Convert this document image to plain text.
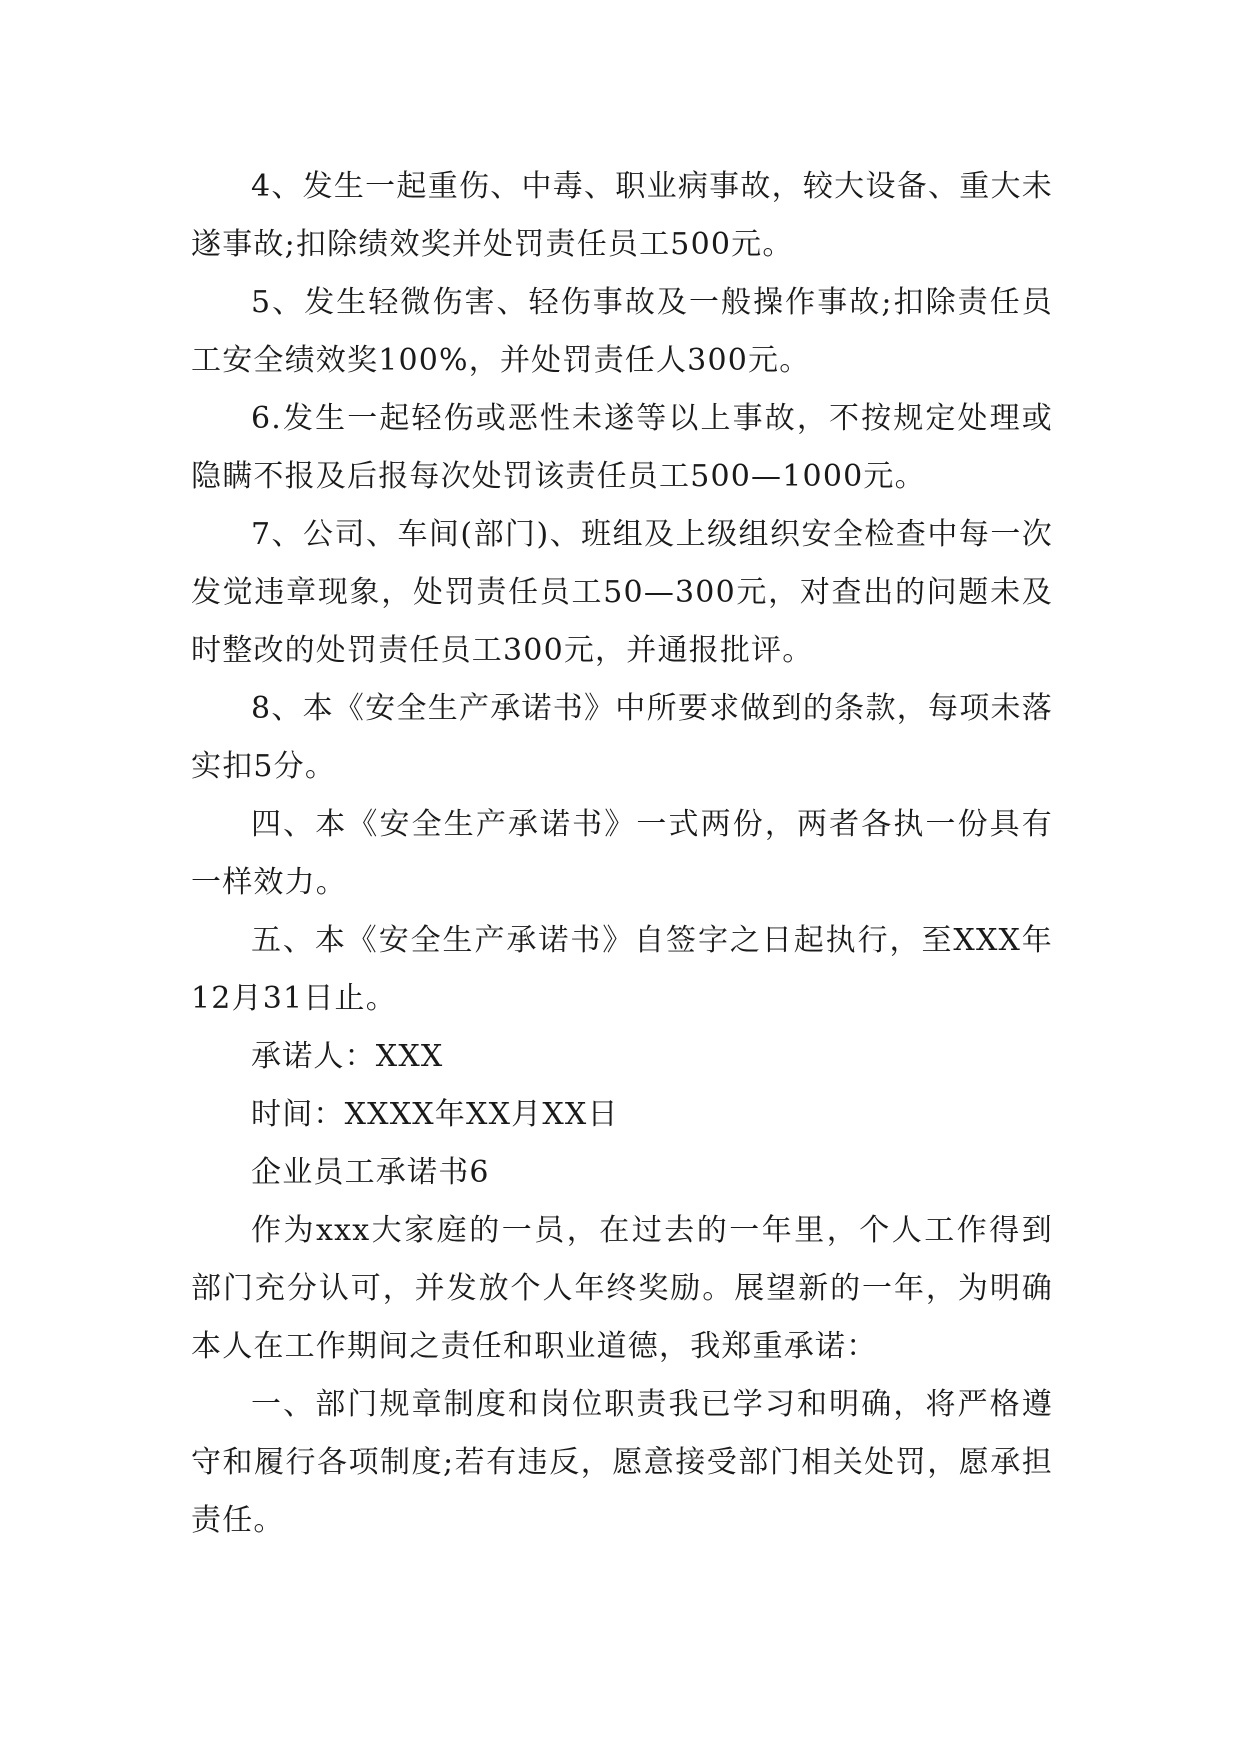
4、发生一起重伤、中毒、职业病事故，较大设备、重大未遂事故;扣除绩效奖并处罚责任员工500元。

5、发生轻微伤害、轻伤事故及一般操作事故;扣除责任员工安全绩效奖100%，并处罚责任人300元。

6.发生一起轻伤或恶性未遂等以上事故，不按规定处理或隐瞒不报及后报每次处罚该责任员工500—1000元。

7、公司、车间(部门)、班组及上级组织安全检查中每一次发觉违章现象，处罚责任员工50—300元，对查出的问题未及时整改的处罚责任员工300元，并通报批评。

8、本《安全生产承诺书》中所要求做到的条款，每项未落实扣5分。

四、本《安全生产承诺书》一式两份，两者各执一份具有一样效力。

五、本《安全生产承诺书》自签字之日起执行，至XXX年12月31日止。

承诺人：XXX

时间：XXXX年XX月XX日

企业员工承诺书6

作为xxx大家庭的一员，在过去的一年里，个人工作得到部门充分认可，并发放个人年终奖励。展望新的一年，为明确本人在工作期间之责任和职业道德，我郑重承诺：

一、部门规章制度和岗位职责我已学习和明确，将严格遵守和履行各项制度;若有违反，愿意接受部门相关处罚，愿承担责任。
